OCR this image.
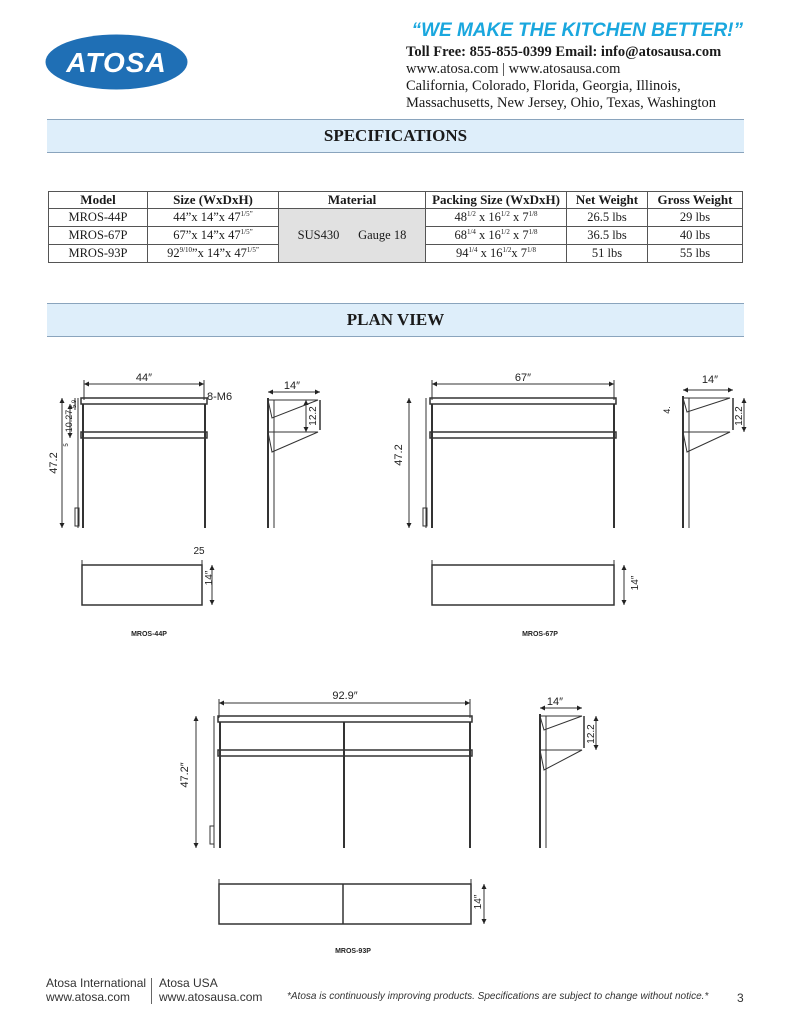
ATOSA
“WE MAKE THE KITCHEN BETTER!”
Toll Free: 855-855-0399 Email: info@atosausa.com
www.atosa.com | www.atosausa.com
California, Colorado, Florida, Georgia, Illinois,
Massachusetts, New Jersey, Ohio, Texas, Washington
SPECIFICATIONS
Model	Size (WxDxH)	Material	Packing Size (WxDxH)	Net Weight	Gross Weight
MROS-44P	44”x 14”x $47^{1/5”}$	SUS430      Gauge 18	$48^{1/2}$ x $16^{1/2}$ x $7^{1/8}$	26.5 lbs	29 lbs
MROS-67P	67”x 14”x $47^{1/5”}$		$68^{1/4}$ x $16^{1/2}$ x $7^{1/8}$	36.5 lbs	40 lbs
MROS-93P	$92^{9/10}”x$ 14”x $47^{1/5”}$		$94^{1/4}$ x $16^{1/2}x$ $7^{1/8}$	51 lbs	55 lbs
PLAN VIEW
44″
8-M6
14″
47.2
10.27
5.9
5
12.2
25
14″
MROS-44P
67″	14″
47.2
12.2
4.
14″
MROS-67P
92.9″	14″
47.2″
12.2
14″
MROS-93P
Atosa International
www.atosa.com
Atosa USA
www.atosausa.com *Atosa is continuously improving products. Specifications are subject to change without notice.* 3
